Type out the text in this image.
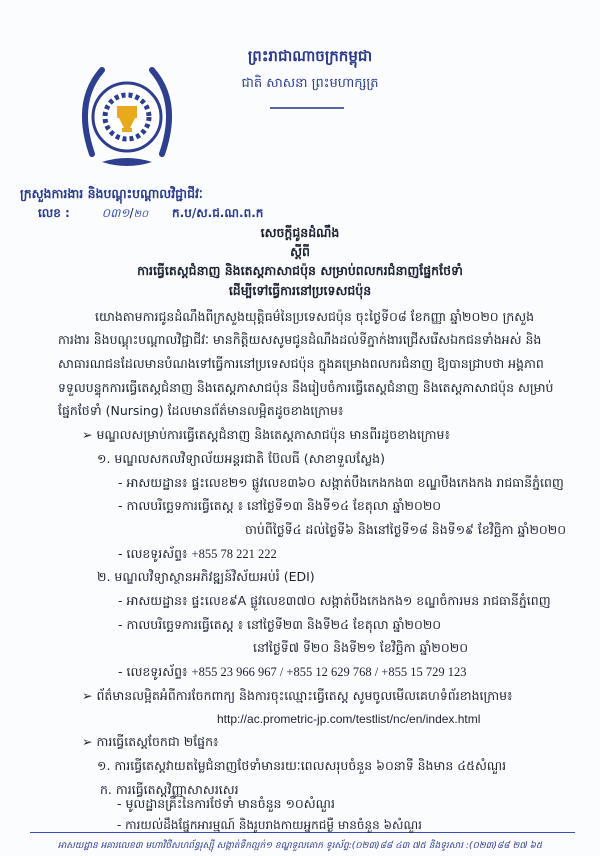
ព្រះរាជាណាចក្រកម្ពុជា
ជាតិ សាសនា ព្រះមហាក្សត្រ
ក្រសួងការងារ និងបណ្តុះបណ្តាលវិជ្ជាជីវៈ
លេខ :	០៣១/២០ ក.ប/ស.ជ.ណ.ព.ក
សេចក្តីជូនដំណឹង
ស្តីពី
ការធ្វើតេស្តជំនាញ និងតេស្តភាសាជប៉ុន សម្រាប់ពលករជំនាញផ្នែកថែទាំ
ដើម្បីទៅធ្វើការនៅប្រទេសជប៉ុន
យោងតាមការជូនដំណឹងពីក្រសួងយុត្តិធម៌នៃប្រទេសជប៉ុន ចុះថ្ងៃទី០៨ ខែកញ្ញា ឆ្នាំ២០២០ ក្រសួង
ការងារ និងបណ្តុះបណ្តាលវិជ្ជាជីវៈ មានកិត្តិយសសូមជូនដំណឹងដល់ទីភ្នាក់ងារជ្រើសរើសឯកជនទាំងអស់ និង
សាធារណជនដែលមានបំណងទៅធ្វើការនៅប្រទេសជប៉ុន ក្នុងគម្រោងពលករជំនាញ ឱ្យបានជ្រាបថា អង្គភាព
ទទួលបន្ទុកការធ្វើតេស្តជំនាញ និងតេស្តភាសាជប៉ុន នឹងរៀបចំការធ្វើតេស្តជំនាញ និងតេស្តភាសាជប៉ុន សម្រាប់
ផ្នែកថែទាំ (Nursing) ដែលមានព័ត៌មានលម្អិតដូចខាងក្រោម៖
➢ មណ្ឌលសម្រាប់ការធ្វើតេស្តជំនាញ និងតេស្តភាសាជប៉ុន មានពីរដូចខាងក្រោម៖
១. មណ្ឌលសកលវិទ្យាល័យអន្តរជាតិ ប៊ែលធី (សាខាទួលស្លែង)
- អាសយដ្ឋាន៖ ផ្ទះលេខ២១ ផ្លូវលេខ៣៦០ សង្កាត់បឹងកេងកង៣ ខណ្ឌបឹងកេងកង រាជធានីភ្នំពេញ
- កាលបរិច្ឆេទការធ្វើតេស្ត ៖ នៅថ្ងៃទី១៣ និងទី១៤ ខែតុលា ឆ្នាំ២០២០
ចាប់ពីថ្ងៃទី៤ ដល់ថ្ងៃទី៦ និងនៅថ្ងៃទី១៨ និងទី១៩ ខែវិច្ឆិកា ឆ្នាំ២០២០
- លេខទូរស័ព្ទ៖ +855 78 221 222
២. មណ្ឌលវិទ្យាស្ថានអភិវឌ្ឍន៍វិស័យអប់រំ (EDI)
- អាសយដ្ឋាន៖ ផ្ទះលេខ៩A ផ្លូវលេខ៣៧០ សង្កាត់បឹងកេងកង១ ខណ្ឌចំការមន រាជធានីភ្នំពេញ
- កាលបរិច្ឆេទការធ្វើតេស្ត ៖ នៅថ្ងៃទី២៣ និងទី២៤ ខែតុលា ឆ្នាំ២០២០
នៅថ្ងៃទី៧ ទី២០ និងទី២១ ខែវិច្ឆិកា ឆ្នាំ២០២០
- លេខទូរស័ព្ទ៖ +855 23 966 967 / +855 12 629 768 / +855 15 729 123
➢ ព័ត៌មានលម្អិតអំពីការចែកពាក្យ និងការចុះឈ្មោះធ្វើតេស្ត សូមចូលមើលគេហទំព័រខាងក្រោម៖
http://ac.prometric-jp.com/testlist/nc/en/index.html
➢ ការធ្វើតេស្តចែកជា ២ផ្នែក៖
១. ការធ្វើតេស្តវាយតម្លៃជំនាញថែទាំមានរយៈពេលសរុបចំនួន ៦០នាទី និងមាន ៤៥សំណួរ
ក. ការធ្វើតេស្តវិញ្ញាសាសរសេរ
- មូលដ្ឋានគ្រឹះនៃការថែទាំ មានចំនួន ១០សំណួរ
អាសយដ្ឋាន អគារលេខ៣ មហាវិថីសហព័ន្ធរុស្ស៊ី សង្កាត់ទឹកល្អក់១ ខណ្ឌទួលគោក ទូរស័ព្ទ:(០២៣)៨៨ ៤៣ ៧៥ និងទូរសារ :(០២៣)៨៨ ២៧ ៦៥
- ការយល់ដឹងផ្នែកអារម្មណ៍ និងរូបរាងកាយអ្នកជម្ងឺ មានចំនួន ៦សំណួរ
